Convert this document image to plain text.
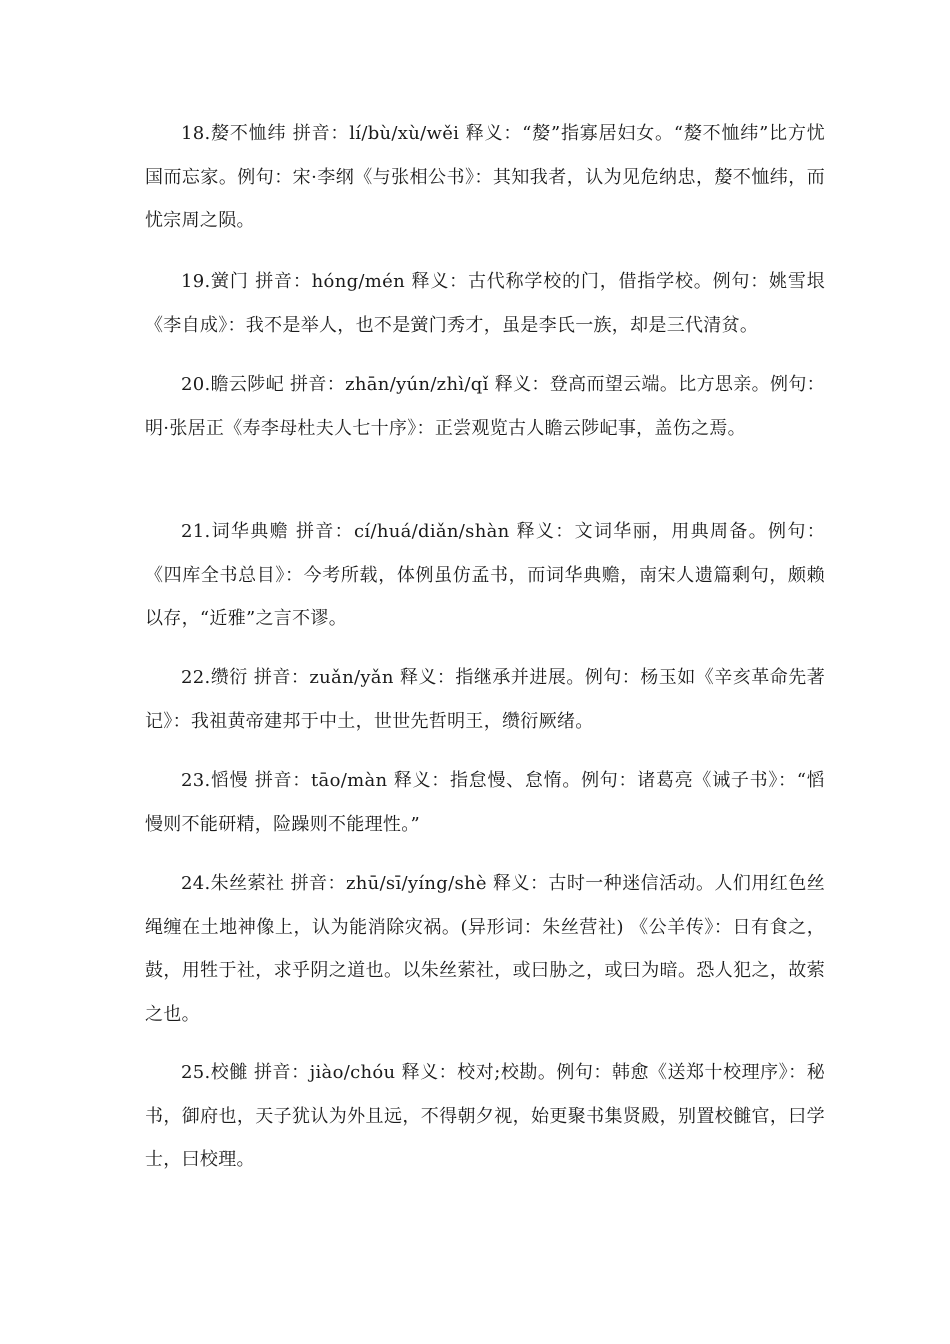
18.嫠不恤纬 拼音：lí/bù/xù/wěi 释义：“嫠”指寡居妇女。“嫠不恤纬”比方忧国而忘家。例句：宋·李纲《与张相公书》：其知我者，认为见危纳忠，嫠不恤纬，而忧宗周之陨。

19.黉门 拼音：hóng/mén 释义：古代称学校的门，借指学校。例句：姚雪垠《李自成》：我不是举人，也不是黉门秀才，虽是李氏一族，却是三代清贫。

20.瞻云陟屺 拼音：zhān/yún/zhì/qǐ 释义：登高而望云端。比方思亲。例句：明·张居正《寿李母杜夫人七十序》：正尝观览古人瞻云陟屺事，盖伤之焉。

21.词华典赡 拼音：cí/huá/diǎn/shàn 释义：文词华丽，用典周备。例句：《四库全书总目》：今考所载，体例虽仿孟书，而词华典赡，南宋人遗篇剩句，颇赖以存，“近雅”之言不谬。

22.缵衍 拼音：zuǎn/yǎn 释义：指继承并进展。例句：杨玉如《辛亥革命先著记》：我祖黄帝建邦于中土，世世先哲明王，缵衍厥绪。

23.慆慢 拼音：tāo/màn 释义：指怠慢、怠惰。例句：诸葛亮《诫子书》：“慆慢则不能研精，险躁则不能理性。”

24.朱丝萦社 拼音：zhū/sī/yíng/shè 释义：古时一种迷信活动。人们用红色丝绳缠在土地神像上，认为能消除灾祸。(异形词：朱丝营社) 《公羊传》：日有食之，鼓，用牲于社，求乎阴之道也。以朱丝萦社，或曰胁之，或曰为暗。恐人犯之，故萦之也。

25.校雠 拼音：jiào/chóu 释义：校对;校勘。例句：韩愈《送郑十校理序》：秘书，御府也，天子犹认为外且远，不得朝夕视，始更聚书集贤殿，别置校雠官，曰学士，曰校理。
